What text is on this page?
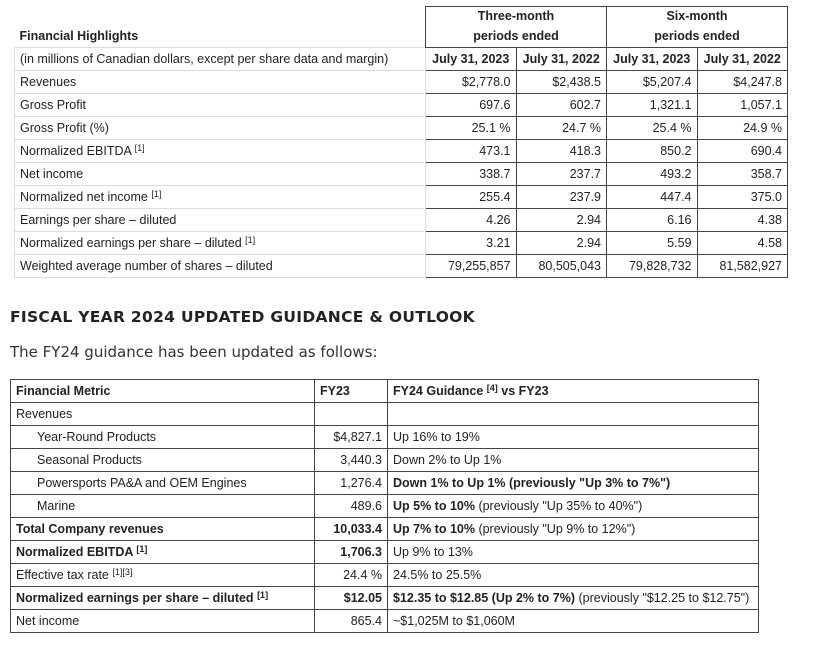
	Three-month		Six-month	
Financial Highlights	periods ended		periods ended	
(in millions of Canadian dollars, except per share data and margin)	July 31, 2023	July 31, 2022	July 31, 2023	July 31, 2022
Revenues	$2,778.0	$2,438.5	$5,207.4	$4,247.8
Gross Profit	697.6	602.7	1,321.1	1,057.1
Gross Profit (%)	25.1 %	24.7 %	25.4 %	24.9 %
Normalized EBITDA [1]	473.1	418.3	850.2	690.4
Net income	338.7	237.7	493.2	358.7
Normalized net income [1]	255.4	237.9	447.4	375.0
Earnings per share – diluted	4.26	2.94	6.16	4.38
Normalized earnings per share – diluted [1]	3.21	2.94	5.59	4.58
Weighted average number of shares – diluted	79,255,857	80,505,043	79,828,732	81,582,927
FISCAL YEAR 2024 UPDATED GUIDANCE & OUTLOOK
The FY24 guidance has been updated as follows:
Financial Metric	FY23	FY24 Guidance [4] vs FY23
Revenues		
Year-Round Products	$4,827.1	Up 16% to 19%
Seasonal Products	3,440.3	Down 2% to Up 1%
Powersports PA&A and OEM Engines	1,276.4	Down 1% to Up 1% (previously "Up 3% to 7%")
Marine	489.6	Up 5% to 10% (previously "Up 35% to 40%")
Total Company revenues	10,033.4	Up 7% to 10% (previously "Up 9% to 12%")
Normalized EBITDA [1]	1,706.3	Up 9% to 13%
Effective tax rate [1][3]	24.4 %	24.5% to 25.5%
Normalized earnings per share – diluted [1]	$12.05	$12.35 to $12.85 (Up 2% to 7%) (previously "$12.25 to $12.75")
Net income	865.4	~$1,025M to $1,060M
